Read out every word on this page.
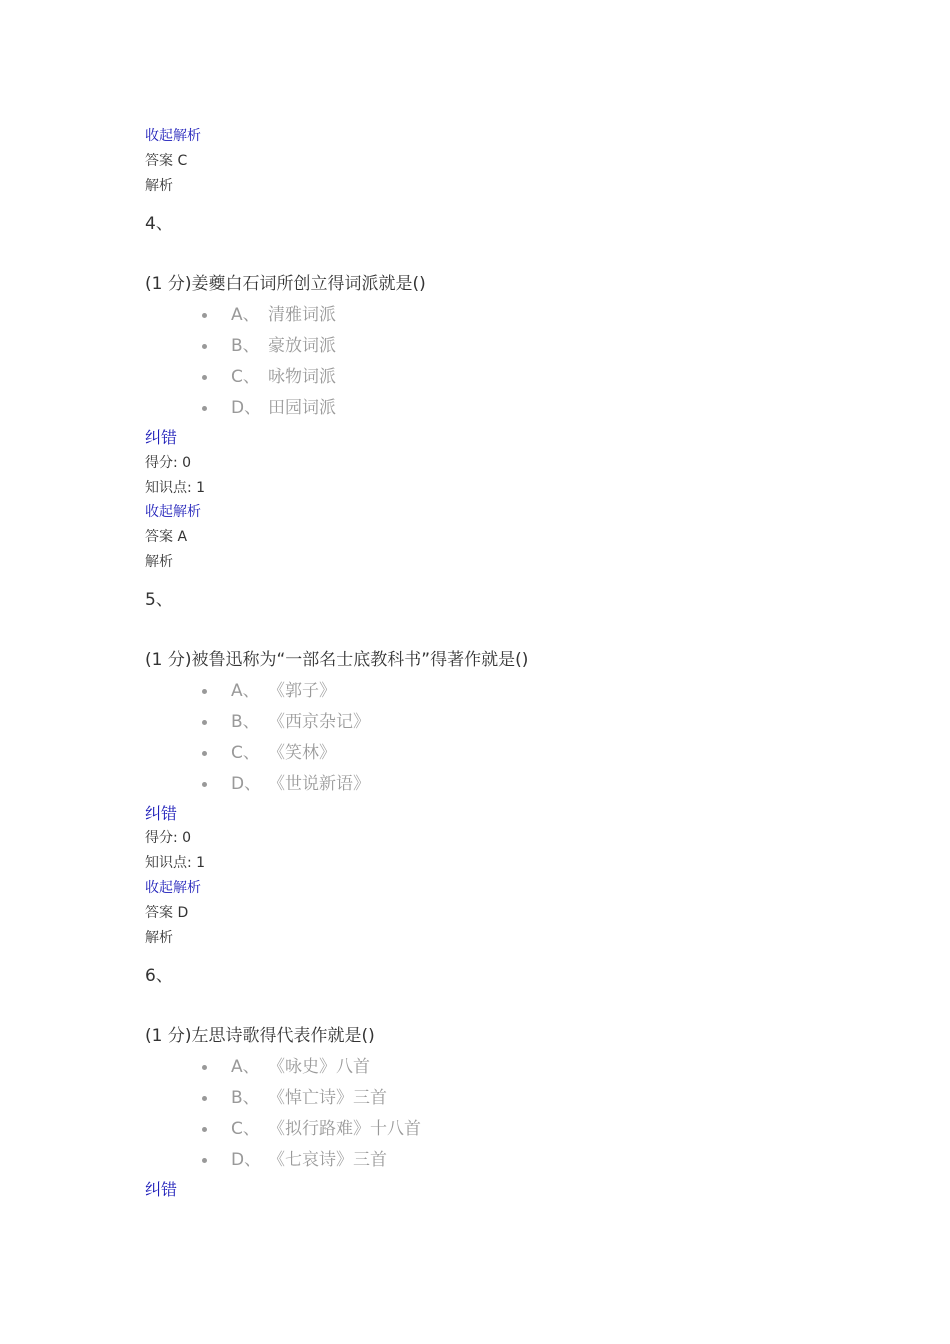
收起解析
答案 C
解析
4、
(1 分)姜夔白石词所创立得词派就是()
A、 清雅词派
B、 豪放词派
C、 咏物词派
D、 田园词派
纠错
得分: 0
知识点: 1
收起解析
答案 A
解析
5、
(1 分)被鲁迅称为“一部名士底教科书”得著作就是()
A、 《郭子》
B、 《西京杂记》
C、 《笑林》
D、 《世说新语》
纠错
得分: 0
知识点: 1
收起解析
答案 D
解析
6、
(1 分)左思诗歌得代表作就是()
A、 《咏史》八首
B、 《悼亡诗》三首
C、 《拟行路难》十八首
D、 《七哀诗》三首
纠错
